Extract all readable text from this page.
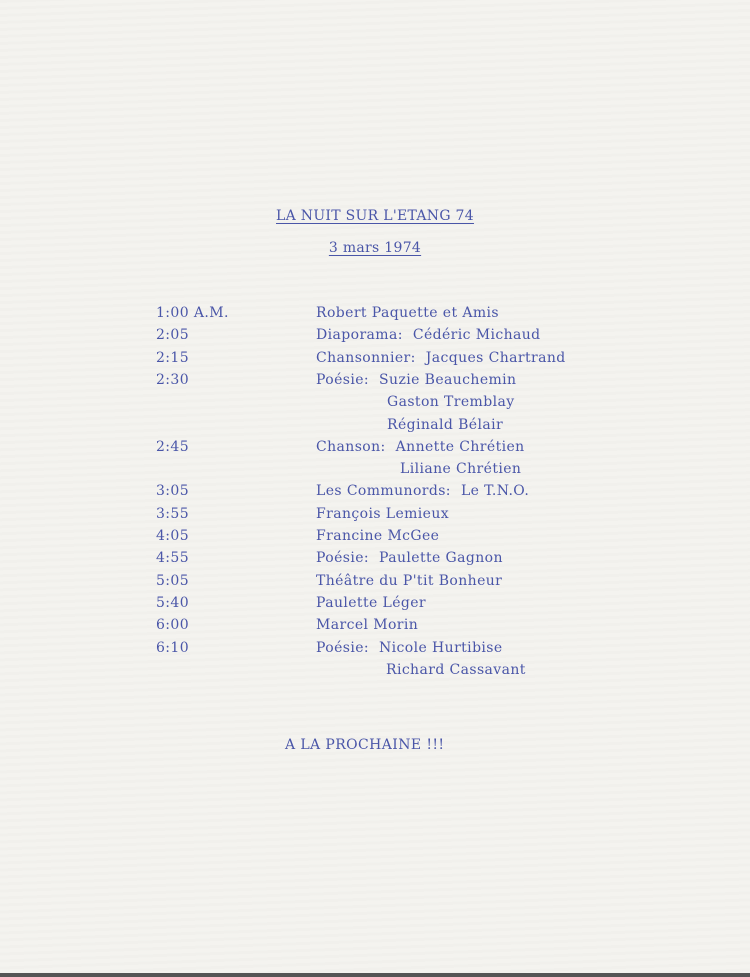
LA NUIT SUR L'ETANG 74
3 mars 1974
1:00 A.M.	Robert Paquette et Amis
2:05	Diaporama: Cédéric Michaud
2:15	Chansonnier: Jacques Chartrand
2:30	Poésie: Suzie Beauchemin
Gaston Tremblay
Réginald Bélair
2:45	Chanson: Annette Chrétien
Liliane Chrétien
3:05	Les Communords: Le T.N.O.
3:55	François Lemieux
4:05	Francine McGee
4:55	Poésie: Paulette Gagnon
5:05	Théâtre du P'tit Bonheur
5:40	Paulette Léger
6:00	Marcel Morin
6:10	Poésie: Nicole Hurtibise
Richard Cassavant
A LA PROCHAINE !!!
